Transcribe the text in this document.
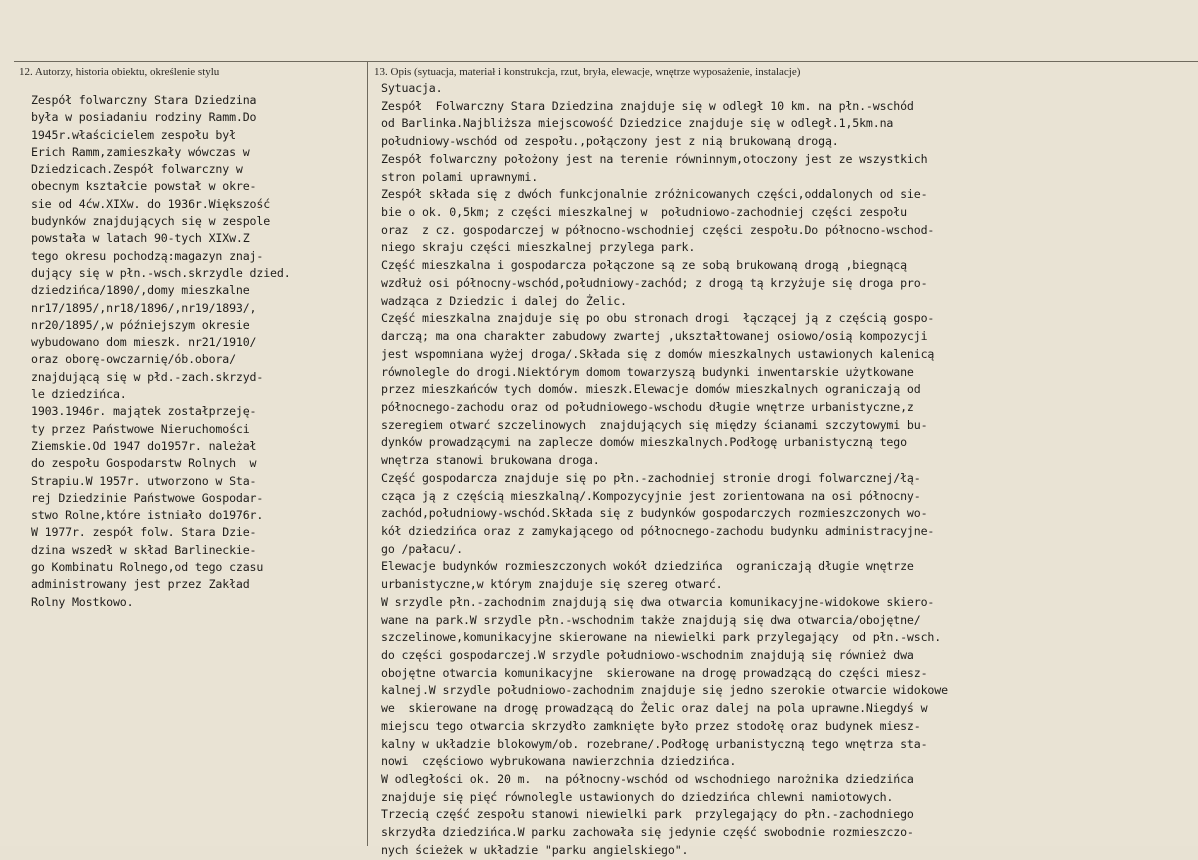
12. Autorzy, historia obiektu, określenie stylu	13. Opis (sytuacja, materiał i konstrukcja, rzut, bryła, elewacje, wnętrze wyposażenie, instalacje)
Zespół folwarczny Stara Dziedzina
była w posiadaniu rodziny Ramm.Do
1945r.właścicielem zespołu był
Erich Ramm,zamieszkały wówczas w
Dziedzicach.Zespół folwarczny w
obecnym kształcie powstał w okre-
sie od 4ćw.XIXw. do 1936r.Większość
budynków znajdujących się w zespole
powstała w latach 90-tych XIXw.Z
tego okresu pochodzą:magazyn znaj-
dujący się w płn.-wsch.skrzydle dzied.
dziedzińca/1890/,domy mieszkalne
nr17/1895/,nr18/1896/,nr19/1893/,
nr20/1895/,w późniejszym okresie
wybudowano dom mieszk. nr21/1910/
oraz oborę-owczarnię/ób.obora/
znajdującą się w płd.-zach.skrzyd-
le dziedzińca.
1903.1946r. majątek zostałprzeję-
ty przez Państwowe Nieruchomości
Ziemskie.Od 1947 do1957r. należał
do zespołu Gospodarstw Rolnych  w
Strapiu.W 1957r. utworzono w Sta-
rej Dziedzinie Państwowe Gospodar-
stwo Rolne,które istniało do1976r.
W 1977r. zespół folw. Stara Dzie-
dzina wszedł w skład Barlineckie-
go Kombinatu Rolnego,od tego czasu
administrowany jest przez Zakład
Rolny Mostkowo.
Sytuacja.
Zespół  Folwarczny Stara Dziedzina znajduje się w odległ 10 km. na płn.-wschód
od Barlinka.Najbliższa miejscowość Dziedzice znajduje się w odległ.1,5km.na
południowy-wschód od zespołu.,połączony jest z nią brukowaną drogą.
Zespół folwarczny położony jest na terenie równinnym,otoczony jest ze wszystkich
stron polami uprawnymi.
Zespół składa się z dwóch funkcjonalnie zróżnicowanych części,oddalonych od sie-
bie o ok. 0,5km; z części mieszkalnej w  południowo-zachodniej części zespołu
oraz  z cz. gospodarczej w północno-wschodniej części zespołu.Do północno-wschod-
niego skraju części mieszkalnej przylega park.
Część mieszkalna i gospodarcza połączone są ze sobą brukowaną drogą ,biegnącą
wzdłuż osi północny-wschód,południowy-zachód; z drogą tą krzyżuje się droga pro-
wadząca z Dziedzic i dalej do Żelic.
Część mieszkalna znajduje się po obu stronach drogi  łączącej ją z częścią gospo-
darczą; ma ona charakter zabudowy zwartej ,ukształtowanej osiowo/osią kompozycji
jest wspomniana wyżej droga/.Składa się z domów mieszkalnych ustawionych kalenicą
równolegle do drogi.Niektórym domom towarzyszą budynki inwentarskie użytkowane
przez mieszkańców tych domów. mieszk.Elewacje domów mieszkalnych ograniczają od
północnego-zachodu oraz od południowego-wschodu długie wnętrze urbanistyczne,z
szeregiem otwarć szczelinowych  znajdujących się między ścianami szczytowymi bu-
dynków prowadzącymi na zaplecze domów mieszkalnych.Podłogę urbanistyczną tego
wnętrza stanowi brukowana droga.
Część gospodarcza znajduje się po płn.-zachodniej stronie drogi folwarcznej/łą-
cząca ją z częścią mieszkalną/.Kompozycyjnie jest zorientowana na osi północny-
zachód,południowy-wschód.Składa się z budynków gospodarczych rozmieszczonych wo-
kół dziedzińca oraz z zamykającego od północnego-zachodu budynku administracyjne-
go /pałacu/.
Elewacje budynków rozmieszczonych wokół dziedzińca  ograniczają długie wnętrze
urbanistyczne,w którym znajduje się szereg otwarć.
W srzydle płn.-zachodnim znajdują się dwa otwarcia komunikacyjne-widokowe skiero-
wane na park.W srzydle płn.-wschodnim także znajdują się dwa otwarcia/obojętne/
szczelinowe,komunikacyjne skierowane na niewielki park przylegający  od płn.-wsch.
do części gospodarczej.W srzydle południowo-wschodnim znajdują się również dwa
obojętne otwarcia komunikacyjne  skierowane na drogę prowadzącą do części miesz-
kalnej.W srzydle południowo-zachodnim znajduje się jedno szerokie otwarcie widokowe
we  skierowane na drogę prowadzącą do Żelic oraz dalej na pola uprawne.Niegdyś w
miejscu tego otwarcia skrzydło zamknięte było przez stodołę oraz budynek miesz-
kalny w układzie blokowym/ob. rozebrane/.Podłogę urbanistyczną tego wnętrza sta-
nowi  częściowo wybrukowana nawierzchnia dziedzińca.
W odległości ok. 20 m.  na północny-wschód od wschodniego narożnika dziedzińca
znajduje się pięć równolegle ustawionych do dziedzińca chlewni namiotowych.
Trzecią część zespołu stanowi niewielki park  przylegający do płn.-zachodniego
skrzydła dziedzińca.W parku zachowała się jedynie część swobodnie rozmieszczo-
nych ścieżek w układzie "parku angielskiego".
